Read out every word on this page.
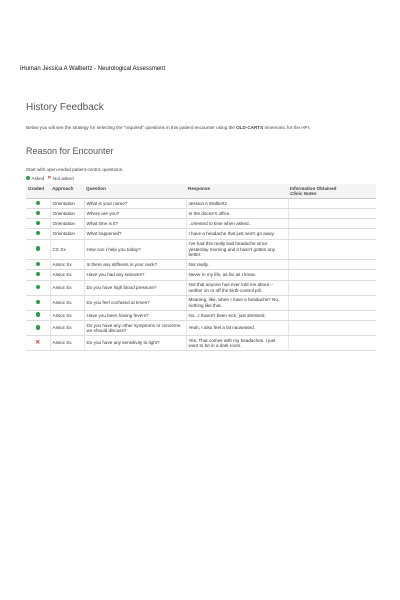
iHuman Jessica A Walbertz - Neurological Assessment
History Feedback
Below you will see the strategy for selecting the "required" questions in this patient encounter using the OLD-CARTS mnemonic for the HPI.
Reason for Encounter
Start with open-ended patient-centric questions.
Asked ✕ Not asked
Graded	Approach	Question	Response	Information Obtained
Clinic Notes

	Orientation	What is your name?	Jessica A Walbertz	
	Orientation	Where are you?	In the doctor's office.	
	Orientation	What time is it?	..oriented to time when asked..	
	Orientation	What happened?	I have a headache that just won't go away.	
	CC Sx	How can I help you today?	I've had this really bad headache since yesterday morning and it hasn't gotten any better.	
	Assoc Sx	Is there any stiffness in your neck?	Not really.	
	Assoc Sx	Have you had any seizures?	Never in my life, as far as I know.	
	Assoc Sx	Do you have high blood pressure?	Not that anyone has ever told me about -- neither on or off the birth-control pill.	
	Assoc Sx	Do you feel confused at times?	Meaning, like, when I have a headache? No, nothing like that.	
	Assoc Sx	Have you been having fevers?	No...I haven't been sick, just stressed.	
	Assoc Sx	Do you have any other symptoms or concerns we should discuss?	Yeah, I also feel a bit nauseated.	
✕	Assoc Sx	Do you have any sensitivity to light?	Yes. That comes with my headaches. I just want to be in a dark room.	
